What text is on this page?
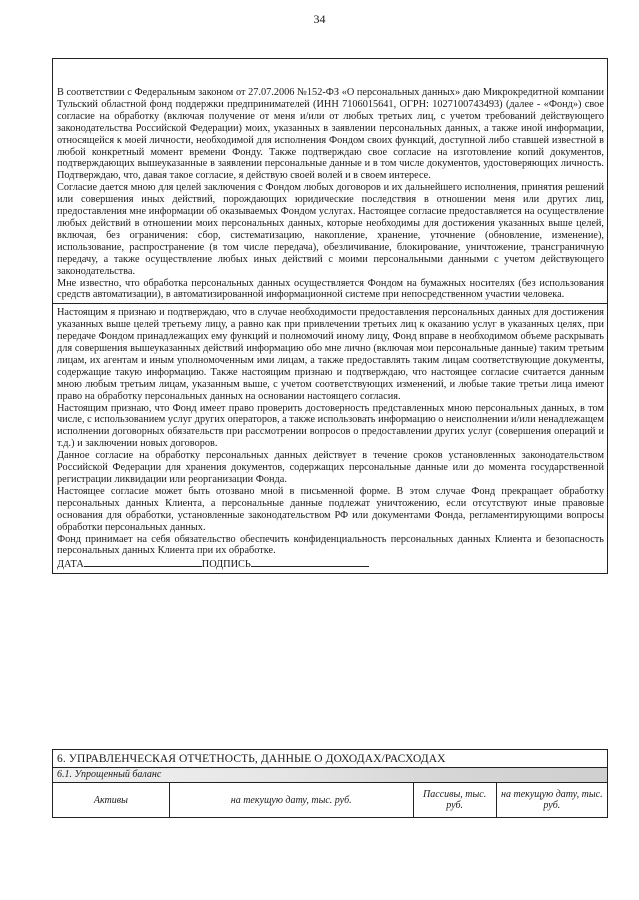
34

В соответствии с Федеральным законом от 27.07.2006 №152-ФЗ «О персональных данных» даю Микрокредитной компании Тульский областной фонд поддержки предпринимателей (ИНН 7106015641, ОГРН: 1027100743493) (далее - «Фонд») свое согласие на обработку (включая получение от меня и/или от любых третьих лиц, с учетом требований действующего законодательства Российской Федерации) моих, указанных в заявлении персональных данных, а также иной информации, относящейся к моей личности, необходимой для исполнения Фондом своих функций, доступной либо ставшей известной в любой конкретный момент времени Фонду. Также подтверждаю свое согласие на изготовление копий документов, подтверждающих вышеуказанные в заявлении персональные данные и в том числе документов, удостоверяющих личность. Подтверждаю, что, давая такое согласие, я действую своей волей и в своем интересе.

Согласие дается мною для целей заключения с Фондом любых договоров и их дальнейшего исполнения, принятия решений или совершения иных действий, порождающих юридические последствия в отношении меня или других лиц, предоставления мне информации об оказываемых Фондом услугах. Настоящее согласие предоставляется на осуществление любых действий в отношении моих персональных данных, которые необходимы для достижения указанных выше целей, включая, без ограничения: сбор, систематизацию, накопление, хранение, уточнение (обновление, изменение), использование, распространение (в том числе передача), обезличивание, блокирование, уничтожение, трансграничную передачу, а также осуществление любых иных действий с моими персональными данными с учетом действующего законодательства.

Мне известно, что обработка персональных данных осуществляется Фондом на бумажных носителях (без использования средств автоматизации), в автоматизированной информационной системе при непосредственном участии человека.

Настоящим я признаю и подтверждаю, что в случае необходимости предоставления персональных данных для достижения указанных выше целей третьему лицу, а равно как при привлечении третьих лиц к оказанию услуг в указанных целях, при передаче Фондом принадлежащих ему функций и полномочий иному лицу, Фонд вправе в необходимом объеме раскрывать для совершения вышеуказанных действий информацию обо мне лично (включая мои персональные данные) таким третьим лицам, их агентам и иным уполномоченным ими лицам, а также предоставлять таким лицам соответствующие документы, содержащие такую информацию. Также настоящим признаю и подтверждаю, что настоящее согласие считается данным мною любым третьим лицам, указанным выше, с учетом соответствующих изменений, и любые такие третьи лица имеют право на обработку персональных данных на основании настоящего согласия.

Настоящим признаю, что Фонд имеет право проверить достоверность представленных мною персональных данных, в том числе, с использованием услуг других операторов, а также использовать информацию о неисполнении и/или ненадлежащем исполнении договорных обязательств при рассмотрении вопросов о предоставлении других услуг (совершения операций и т.д.) и заключении новых договоров.

Данное согласие на обработку персональных данных действует в течение сроков установленных законодательством Российской Федерации для хранения документов, содержащих персональные данные или до момента государственной регистрации ликвидации или реорганизации Фонда.

Настоящее согласие может быть отозвано мной в письменной форме. В этом случае Фонд прекращает обработку персональных данных Клиента, а персональные данные подлежат уничтожению, если отсутствуют иные правовые основания для обработки, установленные законодательством РФ или документами Фонда, регламентирующими вопросы обработки персональных данных.

Фонд принимает на себя обязательство обеспечить конфиденциальность персональных данных Клиента и безопасность персональных данных Клиента при их обработке.

ДАТА	ПОДПИСЬ
6. УПРАВЛЕНЧЕСКАЯ ОТЧЕТНОСТЬ, ДАННЫЕ О ДОХОДАХ/РАСХОДАХ
6.1. Упрощенный баланс
Активы	на текущую дату, тыс. руб.	Пассивы, тыс. руб.	на текущую дату, тыс. руб.
